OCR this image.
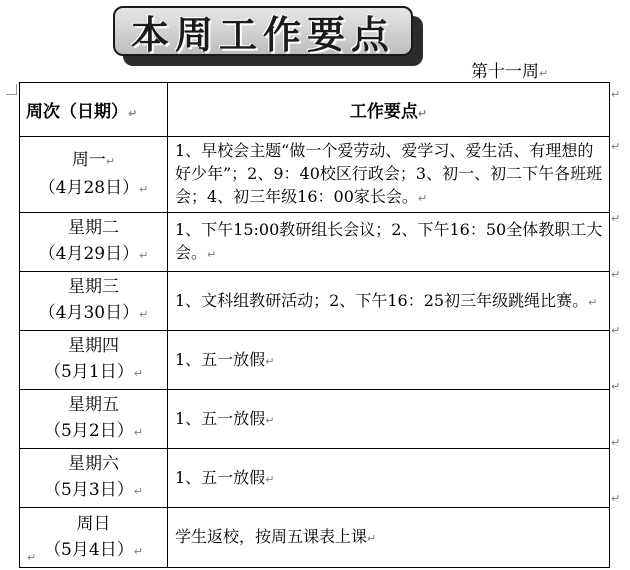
本周工作要点
第十一周↵
周次（日期）↵	工作要点↵

周一↵
（4月28日）↵	1、早校会主题“做一个爱劳动、爱学习、爱生活、有理想的好少年”；2、9：40校区行政会；3、初一、初二下午各班班会；4、初三年级16：00家长会。↵

星期二
（4月29日）↵	1、下午15:00教研组长会议；2、下午16：50全体教职工大会。↵

星期三
（4月30日）↵	1、文科组教研活动；2、下午16：25初三年级跳绳比赛。↵

星期四
（5月1日）↵	1、五一放假↵

星期五
（5月2日）↵	1、五一放假↵

星期六
（5月3日）↵	1、五一放假↵

周日
（5月4日）↵	学生返校，按周五课表上课↵
↵
↵
↵
↵
↵
↵
↵
↵
↵
